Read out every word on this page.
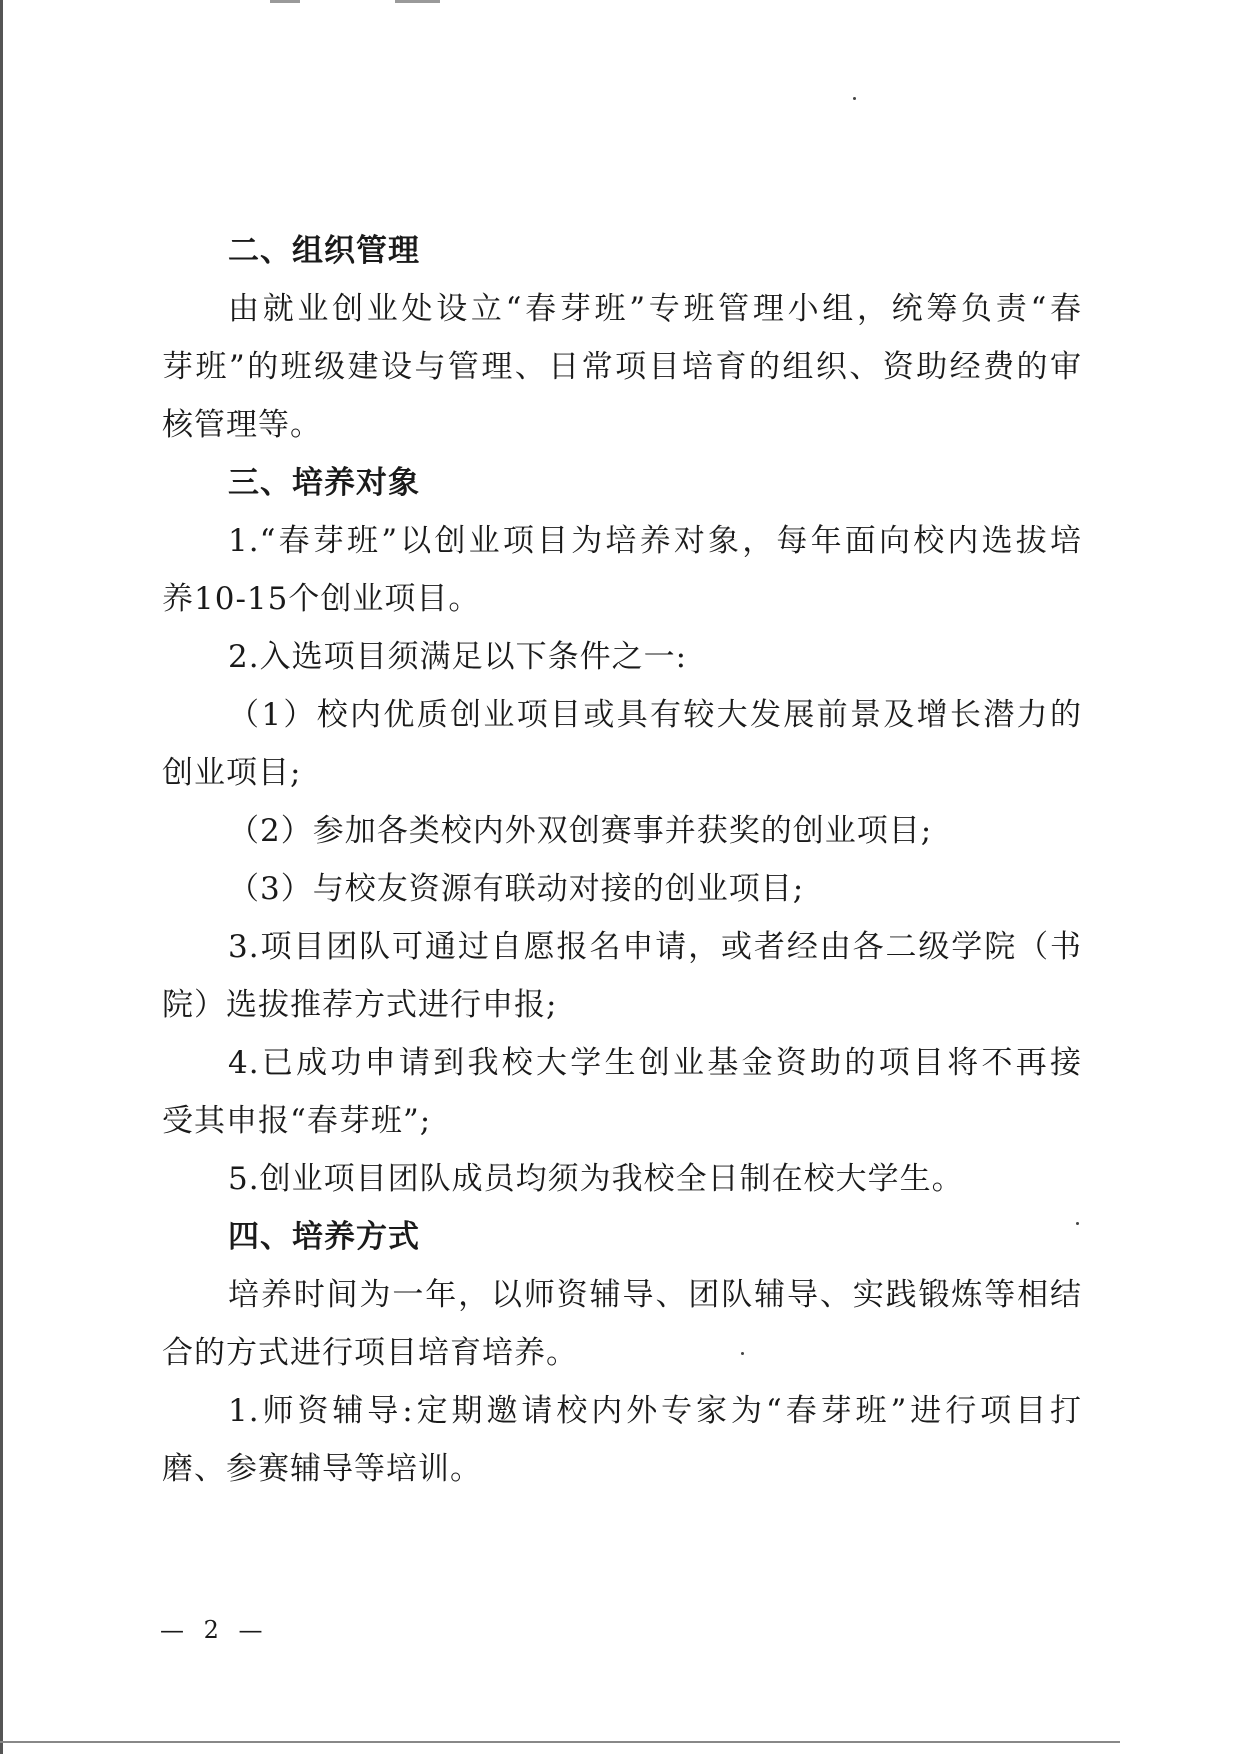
二、组织管理
由就业创业处设立“春芽班”专班管理小组，统筹负责“春
芽班”的班级建设与管理、日常项目培育的组织、资助经费的审
核管理等。
三、培养对象
1.“春芽班”以创业项目为培养对象，每年面向校内选拔培
养10-15个创业项目。
2.入选项目须满足以下条件之一:
（1）校内优质创业项目或具有较大发展前景及增长潜力的
创业项目;
（2）参加各类校内外双创赛事并获奖的创业项目;
（3）与校友资源有联动对接的创业项目;
3.项目团队可通过自愿报名申请，或者经由各二级学院（书
院）选拔推荐方式进行申报;
4.已成功申请到我校大学生创业基金资助的项目将不再接
受其申报“春芽班”;
5.创业项目团队成员均须为我校全日制在校大学生。
四、培养方式
培养时间为一年，以师资辅导、团队辅导、实践锻炼等相结
合的方式进行项目培育培养。
1.师资辅导:定期邀请校内外专家为“春芽班”进行项目打
磨、参赛辅导等培训。
— 2 —
